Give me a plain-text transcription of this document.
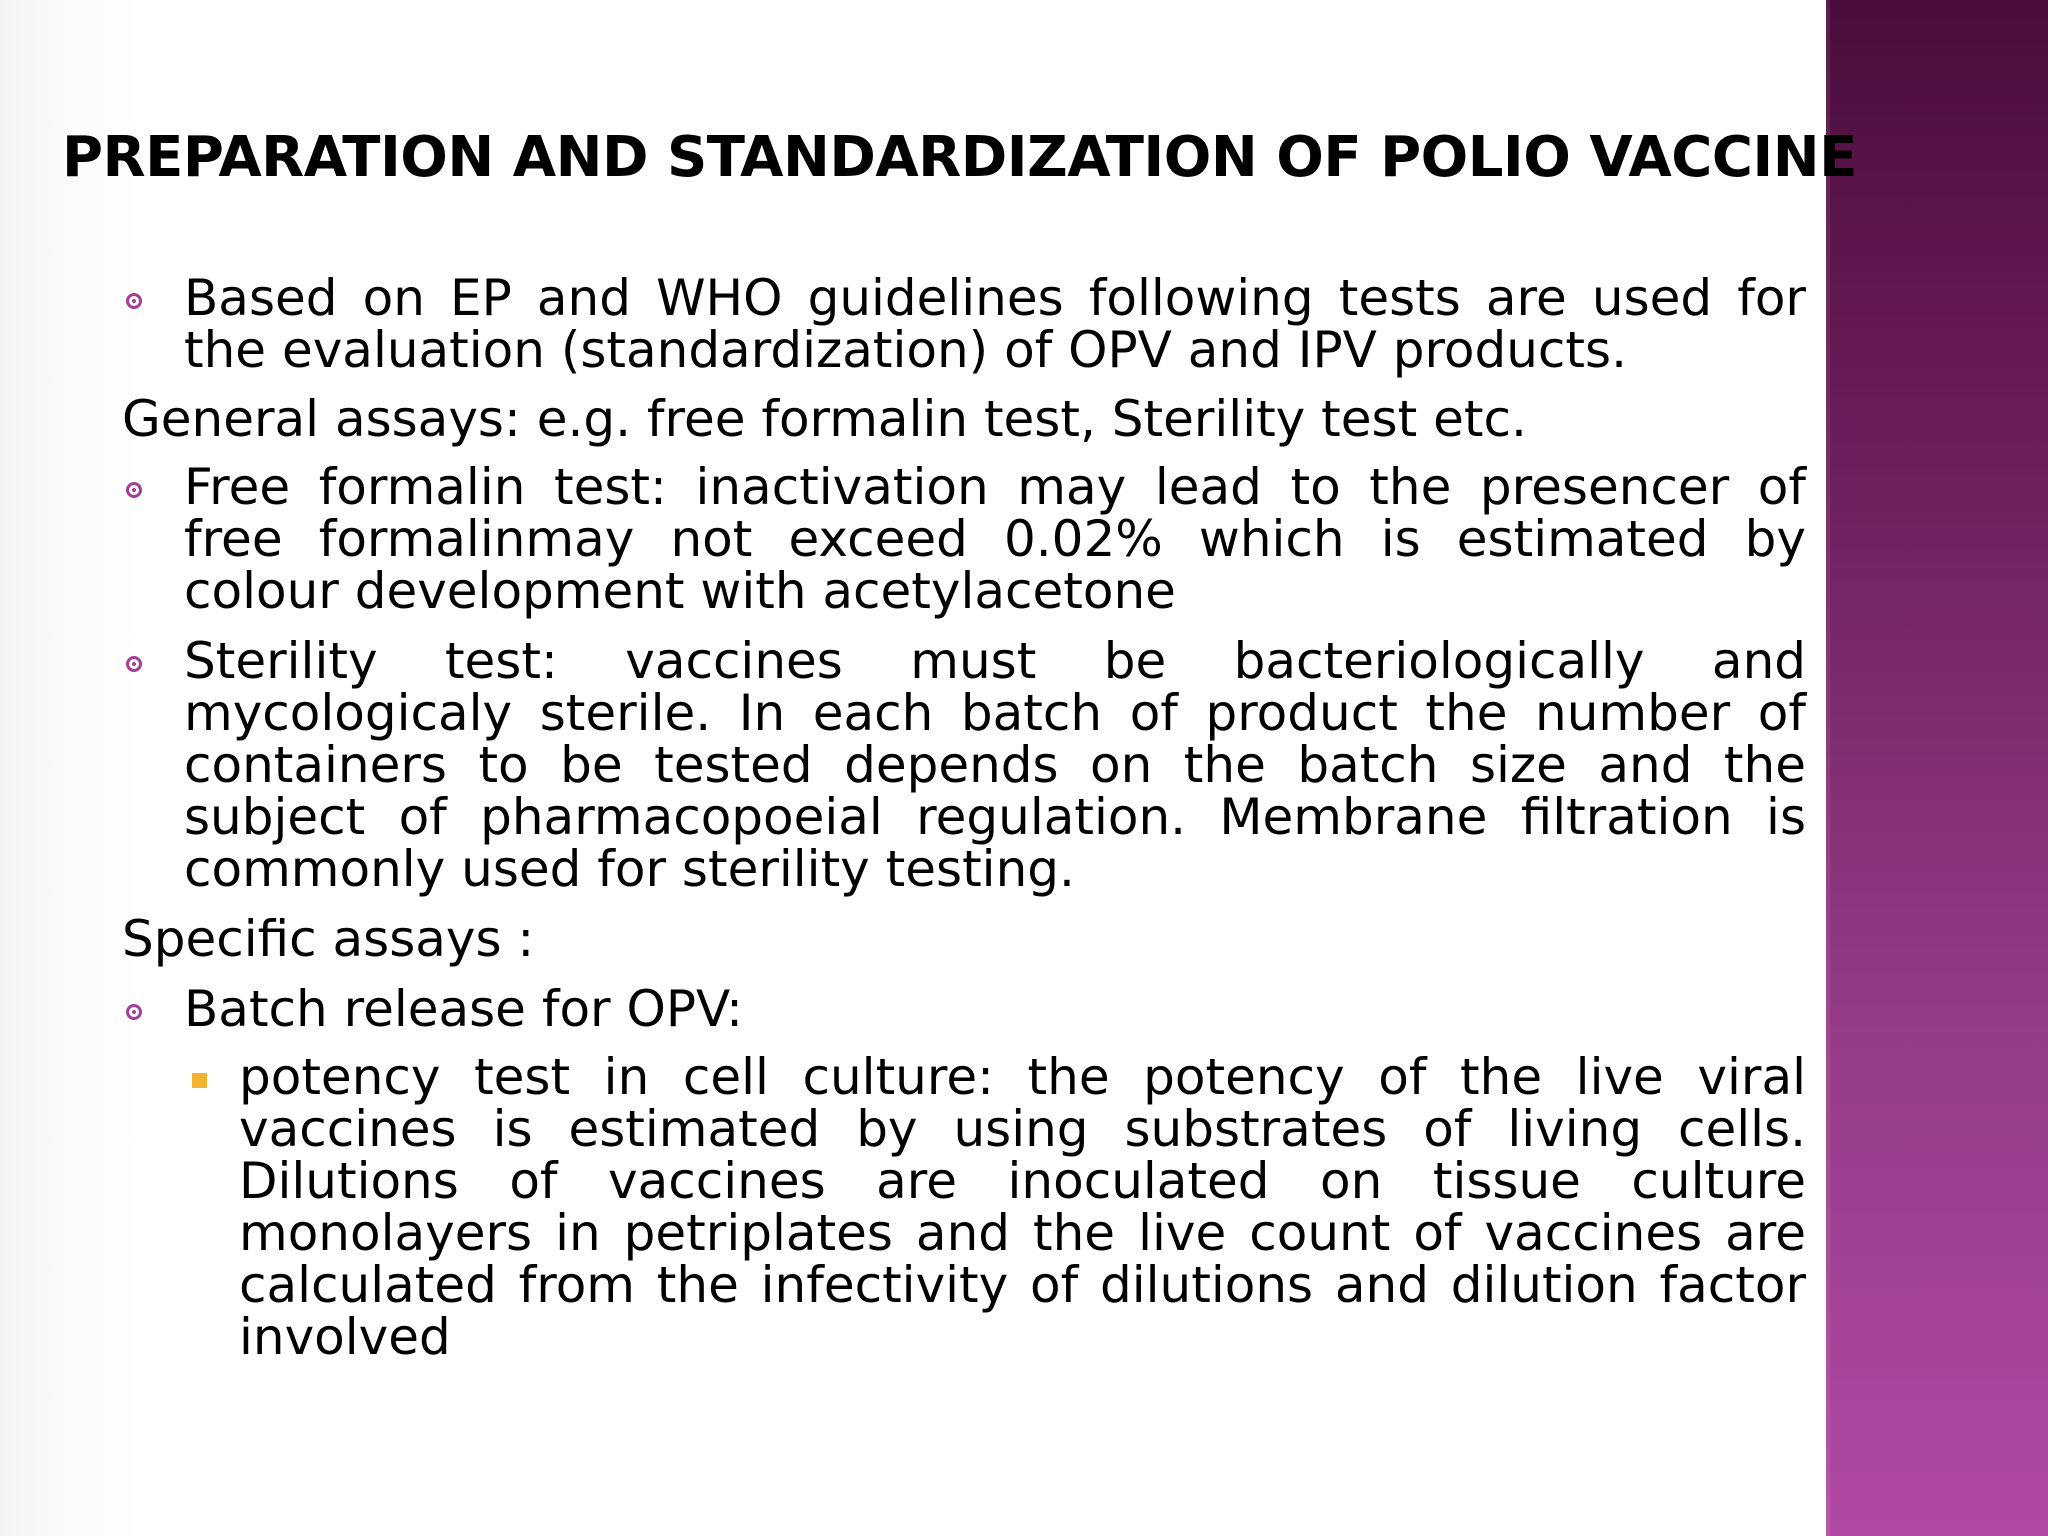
PREPARATION AND STANDARDIZATION OF POLIO VACCINE
Based on EP and WHO guidelines following tests are used for the evaluation (standardization) of OPV and IPV products.
General assays: e.g. free formalin test, Sterility test etc.
Free formalin test: inactivation may lead to the presencer of free formalinmay not exceed 0.02% which is estimated by colour development with acetylacetone
Sterility test: vaccines must be bacteriologically and mycologicaly sterile. In each batch of product the number of containers to be tested depends on the batch size and the subject of pharmacopoeial regulation. Membrane filtration is commonly used for sterility testing.
Specific assays :
Batch release for OPV:
potency test in cell culture: the potency of the live viral vaccines is estimated by using substrates of living cells. Dilutions of vaccines are inoculated on tissue culture monolayers in petriplates and the live count of vaccines are calculated from the infectivity of dilutions and dilution factor involved
